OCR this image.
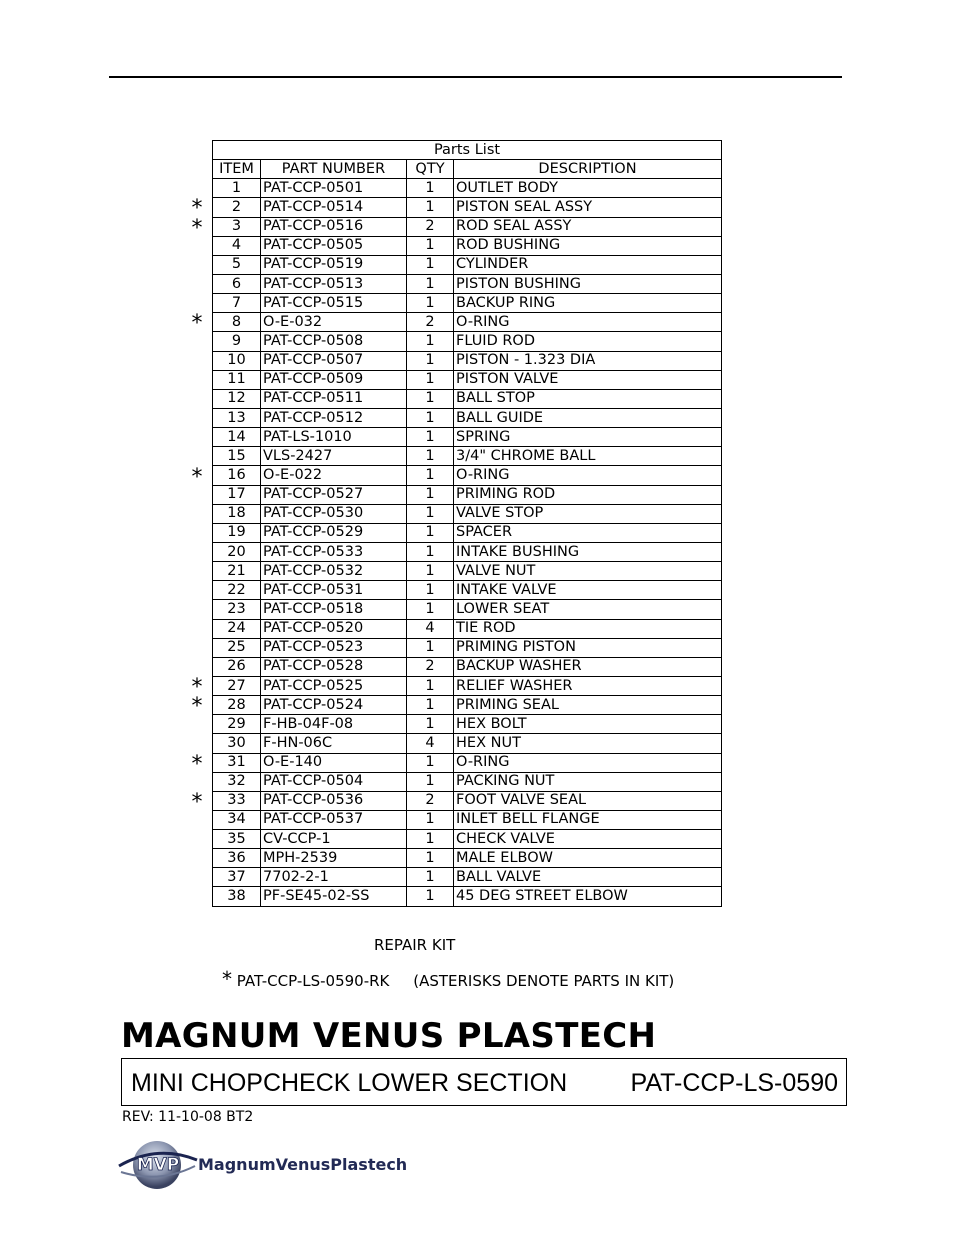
*
*
*
*
*
*
*
*
Parts List			
ITEM	PART NUMBER	QTY	DESCRIPTION
1	PAT-CCP-0501	1	OUTLET BODY
2	PAT-CCP-0514	1	PISTON SEAL ASSY
3	PAT-CCP-0516	2	ROD SEAL ASSY
4	PAT-CCP-0505	1	ROD BUSHING
5	PAT-CCP-0519	1	CYLINDER
6	PAT-CCP-0513	1	PISTON BUSHING
7	PAT-CCP-0515	1	BACKUP RING
8	O-E-032	2	O-RING
9	PAT-CCP-0508	1	FLUID ROD
10	PAT-CCP-0507	1	PISTON - 1.323 DIA
11	PAT-CCP-0509	1	PISTON VALVE
12	PAT-CCP-0511	1	BALL STOP
13	PAT-CCP-0512	1	BALL GUIDE
14	PAT-LS-1010	1	SPRING
15	VLS-2427	1	3/4" CHROME BALL
16	O-E-022	1	O-RING
17	PAT-CCP-0527	1	PRIMING ROD
18	PAT-CCP-0530	1	VALVE STOP
19	PAT-CCP-0529	1	SPACER
20	PAT-CCP-0533	1	INTAKE BUSHING
21	PAT-CCP-0532	1	VALVE NUT
22	PAT-CCP-0531	1	INTAKE VALVE
23	PAT-CCP-0518	1	LOWER SEAT
24	PAT-CCP-0520	4	TIE ROD
25	PAT-CCP-0523	1	PRIMING PISTON
26	PAT-CCP-0528	2	BACKUP WASHER
27	PAT-CCP-0525	1	RELIEF WASHER
28	PAT-CCP-0524	1	PRIMING SEAL
29	F-HB-04F-08	1	HEX BOLT
30	F-HN-06C	4	HEX NUT
31	O-E-140	1	O-RING
32	PAT-CCP-0504	1	PACKING NUT
33	PAT-CCP-0536	2	FOOT VALVE SEAL
34	PAT-CCP-0537	1	INLET BELL FLANGE
35	CV-CCP-1	1	CHECK VALVE
36	MPH-2539	1	MALE ELBOW
37	7702-2-1	1	BALL VALVE
38	PF-SE45-02-SS	1	45 DEG STREET ELBOW
REPAIR KIT
* PAT-CCP-LS-0590-RK (ASTERISKS DENOTE PARTS IN KIT)
MAGNUM VENUS PLASTECH
MINI CHOPCHECK LOWER SECTION	PAT-CCP-LS-0590
REV: 11-10-08 BT2
MVP MagnumVenusPlastech
